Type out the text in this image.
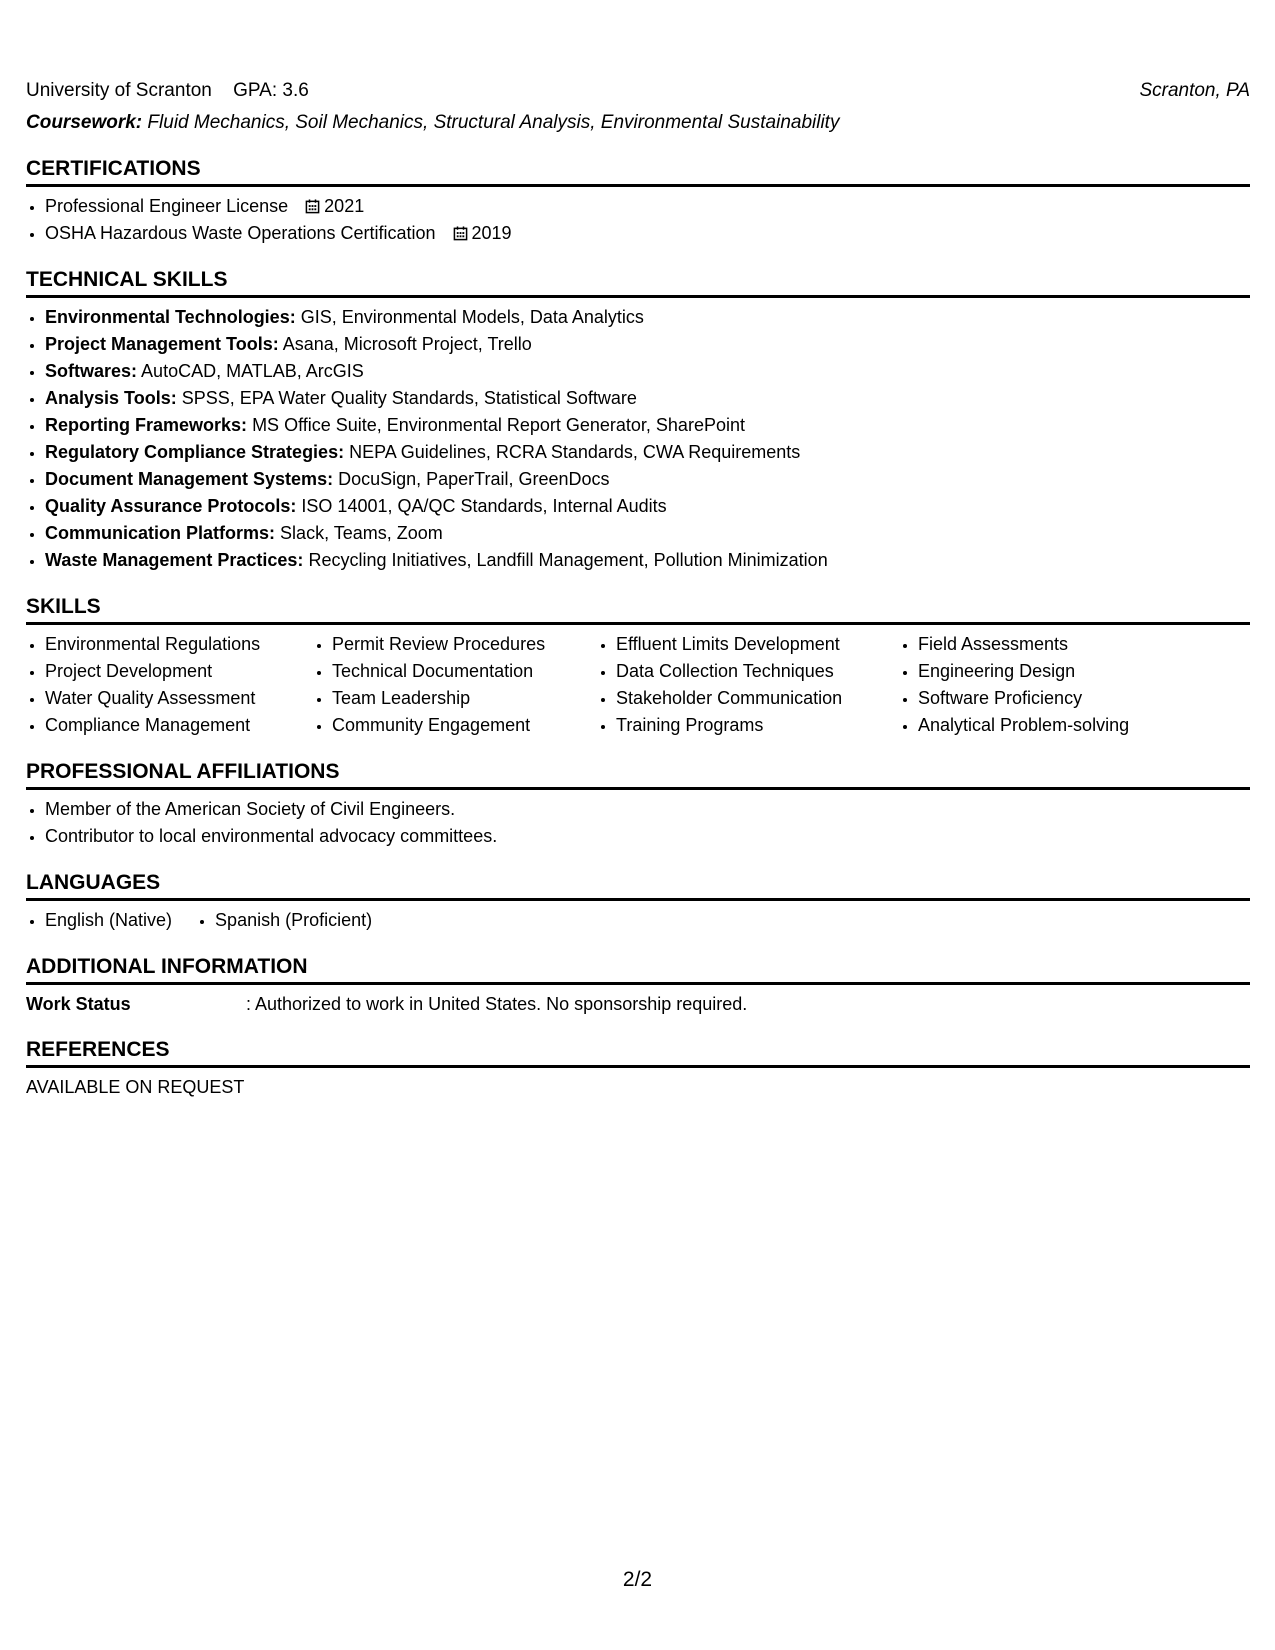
University of Scranton GPA: 3.6	Scranton, PA
Coursework: Fluid Mechanics, Soil Mechanics, Structural Analysis, Environmental Sustainability
CERTIFICATIONS
• Professional Engineer License 2021
• OSHA Hazardous Waste Operations Certification 2019
TECHNICAL SKILLS
• Environmental Technologies: GIS, Environmental Models, Data Analytics
• Project Management Tools: Asana, Microsoft Project, Trello
• Softwares: AutoCAD, MATLAB, ArcGIS
• Analysis Tools: SPSS, EPA Water Quality Standards, Statistical Software
• Reporting Frameworks: MS Office Suite, Environmental Report Generator, SharePoint
• Regulatory Compliance Strategies: NEPA Guidelines, RCRA Standards, CWA Requirements
• Document Management Systems: DocuSign, PaperTrail, GreenDocs
• Quality Assurance Protocols: ISO 14001, QA/QC Standards, Internal Audits
• Communication Platforms: Slack, Teams, Zoom
• Waste Management Practices: Recycling Initiatives, Landfill Management, Pollution Minimization
SKILLS
• Environmental Regulations
• Project Development
• Water Quality Assessment
• Compliance Management
• Permit Review Procedures
• Technical Documentation
• Team Leadership
• Community Engagement
• Effluent Limits Development
• Data Collection Techniques
• Stakeholder Communication
• Training Programs
• Field Assessments
• Engineering Design
• Software Proficiency
• Analytical Problem-solving
PROFESSIONAL AFFILIATIONS
• Member of the American Society of Civil Engineers.
• Contributor to local environmental advocacy committees.
LANGUAGES
• English (Native)
• Spanish (Proficient)
ADDITIONAL INFORMATION
Work Status	: Authorized to work in United States. No sponsorship required.
REFERENCES
AVAILABLE ON REQUEST
2/2
